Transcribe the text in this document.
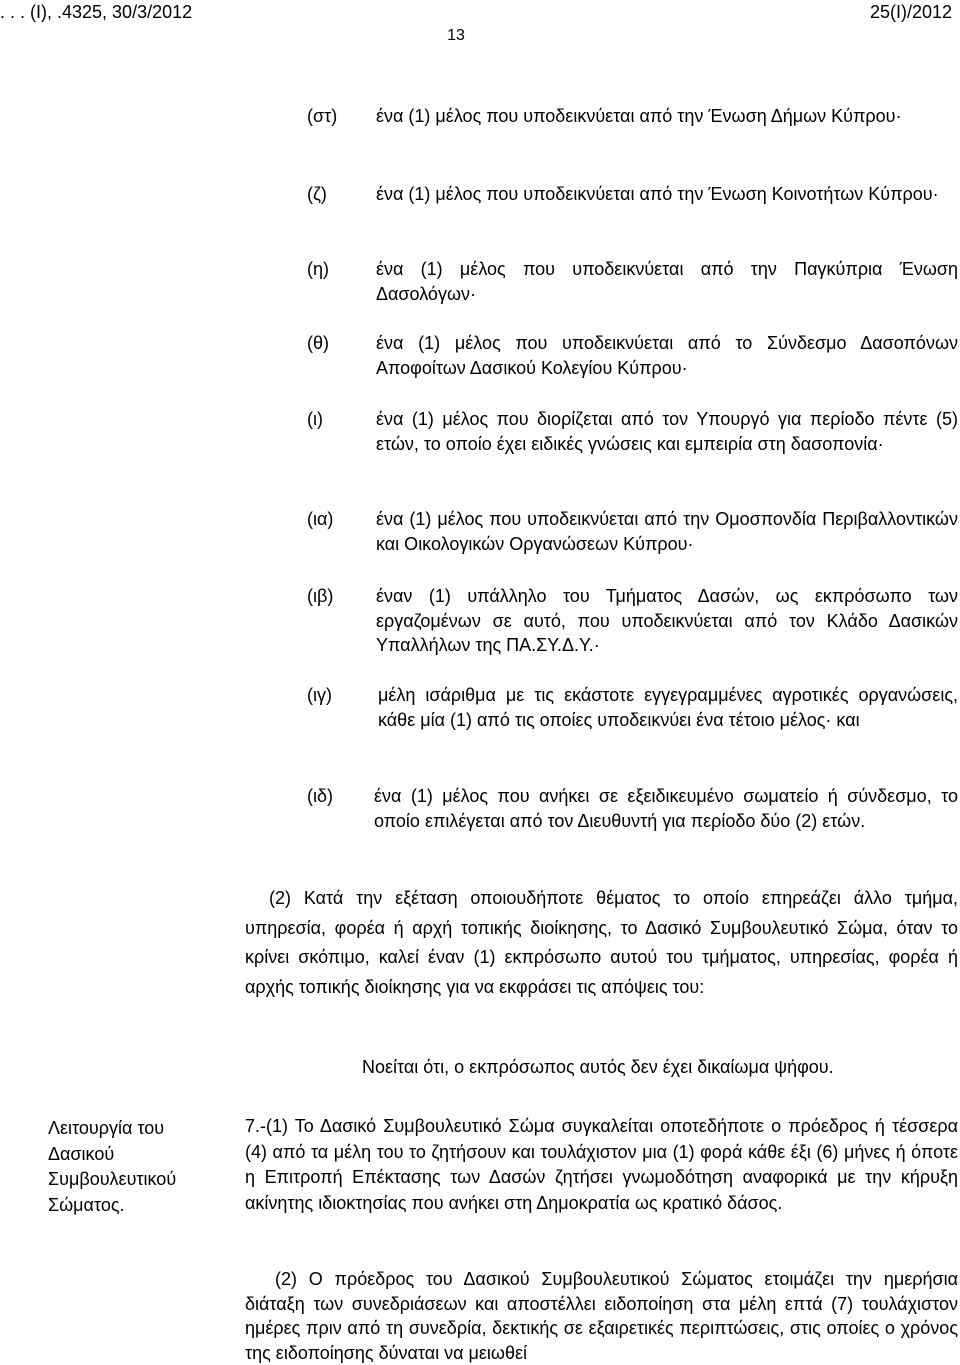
. . . (Ι), .4325, 30/3/2012	25(Ι)/2012
13
(στ) ένα (1) μέλος που υποδεικνύεται από την Ένωση Δήμων Κύπρου·
(ζ)	ένα (1) μέλος που υποδεικνύεται από την Ένωση Κοινοτήτων Κύπρου·
(η)	ένα (1) μέλος που υποδεικνύεται από την Παγκύπρια Ένωση Δασολόγων·
(θ)	ένα (1) μέλος που υποδεικνύεται από το Σύνδεσμο Δασοπόνων Αποφοίτων Δασικού Κολεγίου Κύπρου·
(ι)	ένα (1) μέλος που διορίζεται από τον Υπουργό για περίοδο πέντε (5) ετών, το οποίο έχει ειδικές γνώσεις και εμπειρία στη δασοπονία·
(ια) ένα (1) μέλος που υποδεικνύεται από την Ομοσπονδία Περιβαλλοντικών και Οικολογικών Οργανώσεων Κύπρου·
(ιβ) έναν (1) υπάλληλο του Τμήματος Δασών, ως εκπρόσωπο των εργαζομένων σε αυτό, που υποδεικνύεται από τον Κλάδο Δασικών Υπαλλήλων της ΠΑ.ΣΥ.Δ.Υ.·
(ιγ)	μέλη ισάριθμα με τις εκάστοτε εγγεγραμμένες αγροτικές οργανώσεις, κάθε μία (1) από τις οποίες υποδεικνύει ένα τέτοιο μέλος· και
(ιδ) ένα (1) μέλος που ανήκει σε εξειδικευμένο σωματείο ή σύνδεσμο, το οποίο επιλέγεται από τον Διευθυντή για περίοδο δύο (2) ετών.
(2) Κατά την εξέταση οποιουδήποτε θέματος το οποίο επηρεάζει άλλο τμήμα, υπηρεσία, φορέα ή αρχή τοπικής διοίκησης, το Δασικό Συμβουλευτικό Σώμα, όταν το κρίνει σκόπιμο, καλεί έναν (1) εκπρόσωπο αυτού του τμήματος, υπηρεσίας, φορέα ή αρχής τοπικής διοίκησης για να εκφράσει τις απόψεις του:
Νοείται ότι, ο εκπρόσωπος αυτός δεν έχει δικαίωμα ψήφου.
Λειτουργία του Δασικού Συμβουλευτικού Σώματος.
7.-(1) Το Δασικό Συμβουλευτικό Σώμα συγκαλείται οποτεδήποτε ο πρόεδρος ή τέσσερα (4) από τα μέλη του το ζητήσουν και τουλάχιστον μια (1) φορά κάθε έξι (6) μήνες ή όποτε η Επιτροπή Επέκτασης των Δασών ζητήσει γνωμοδότηση αναφορικά με την κήρυξη ακίνητης ιδιοκτησίας που ανήκει στη Δημοκρατία ως κρατικό δάσος.
(2) Ο πρόεδρος του Δασικού Συμβουλευτικού Σώματος ετοιμάζει την ημερήσια διάταξη των συνεδριάσεων και αποστέλλει ειδοποίηση στα μέλη επτά (7) τουλάχιστον ημέρες πριν από τη συνεδρία, δεκτικής σε εξαιρετικές περιπτώσεις, στις οποίες ο χρόνος της ειδοποίησης δύναται να μειωθεί
